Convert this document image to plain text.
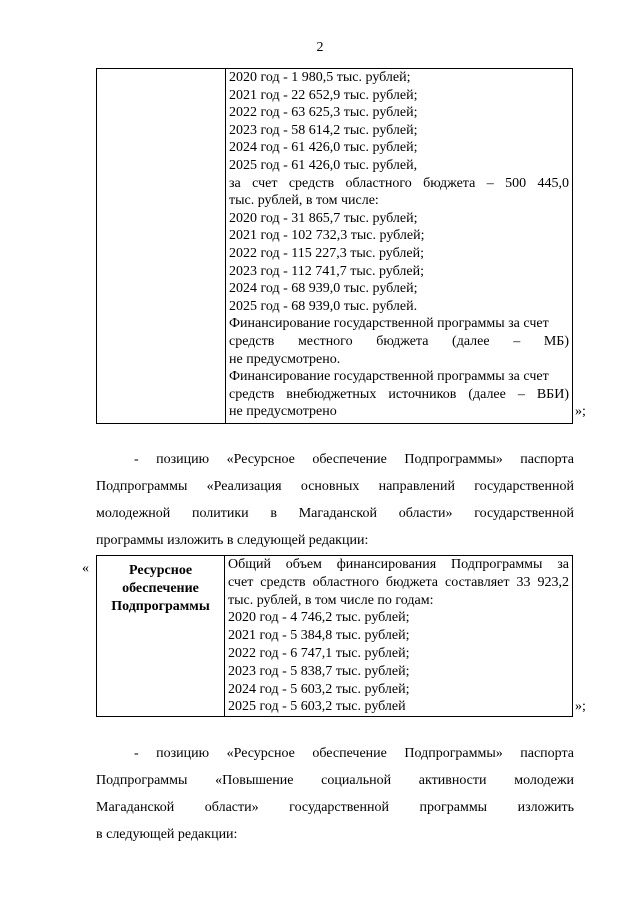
2

2020 год - 1 980,5 тыс. рублей;
2021 год - 22 652,9 тыс. рублей;
2022 год - 63 625,3 тыс. рублей;
2023 год - 58 614,2 тыс. рублей;
2024 год - 61 426,0 тыс. рублей;
2025 год - 61 426,0 тыс. рублей,
за счет средств областного бюджета – 500 445,0
тыс. рублей, в том числе:
2020 год - 31 865,7 тыс. рублей;
2021 год - 102 732,3 тыс. рублей;
2022 год - 115 227,3 тыс. рублей;
2023 год - 112 741,7 тыс. рублей;
2024 год - 68 939,0 тыс. рублей;
2025 год - 68 939,0 тыс. рублей.
Финансирование государственной программы за счет
средств местного бюджета (далее – МБ)
не предусмотрено.
Финансирование государственной программы за счет
средств внебюджетных источников (далее – ВБИ)
не предусмотрено	»;
- позицию «Ресурсное обеспечение Подпрограммы» паспорта
Подпрограммы «Реализация основных направлений государственной
молодежной политики в Магаданской области» государственной
программы изложить в следующей редакции:
«	Ресурсное
обеспечение
Подпрограммы

Общий объем финансирования Подпрограммы за
счет средств областного бюджета составляет 33 923,2
тыс. рублей, в том числе по годам:
2020 год - 4 746,2 тыс. рублей;
2021 год - 5 384,8 тыс. рублей;
2022 год - 6 747,1 тыс. рублей;
2023 год - 5 838,7 тыс. рублей;
2024 год - 5 603,2 тыс. рублей;
2025 год - 5 603,2 тыс. рублей	»;
- позицию «Ресурсное обеспечение Подпрограммы» паспорта
Подпрограммы «Повышение социальной активности молодежи
Магаданской области» государственной программы изложить
в следующей редакции:
